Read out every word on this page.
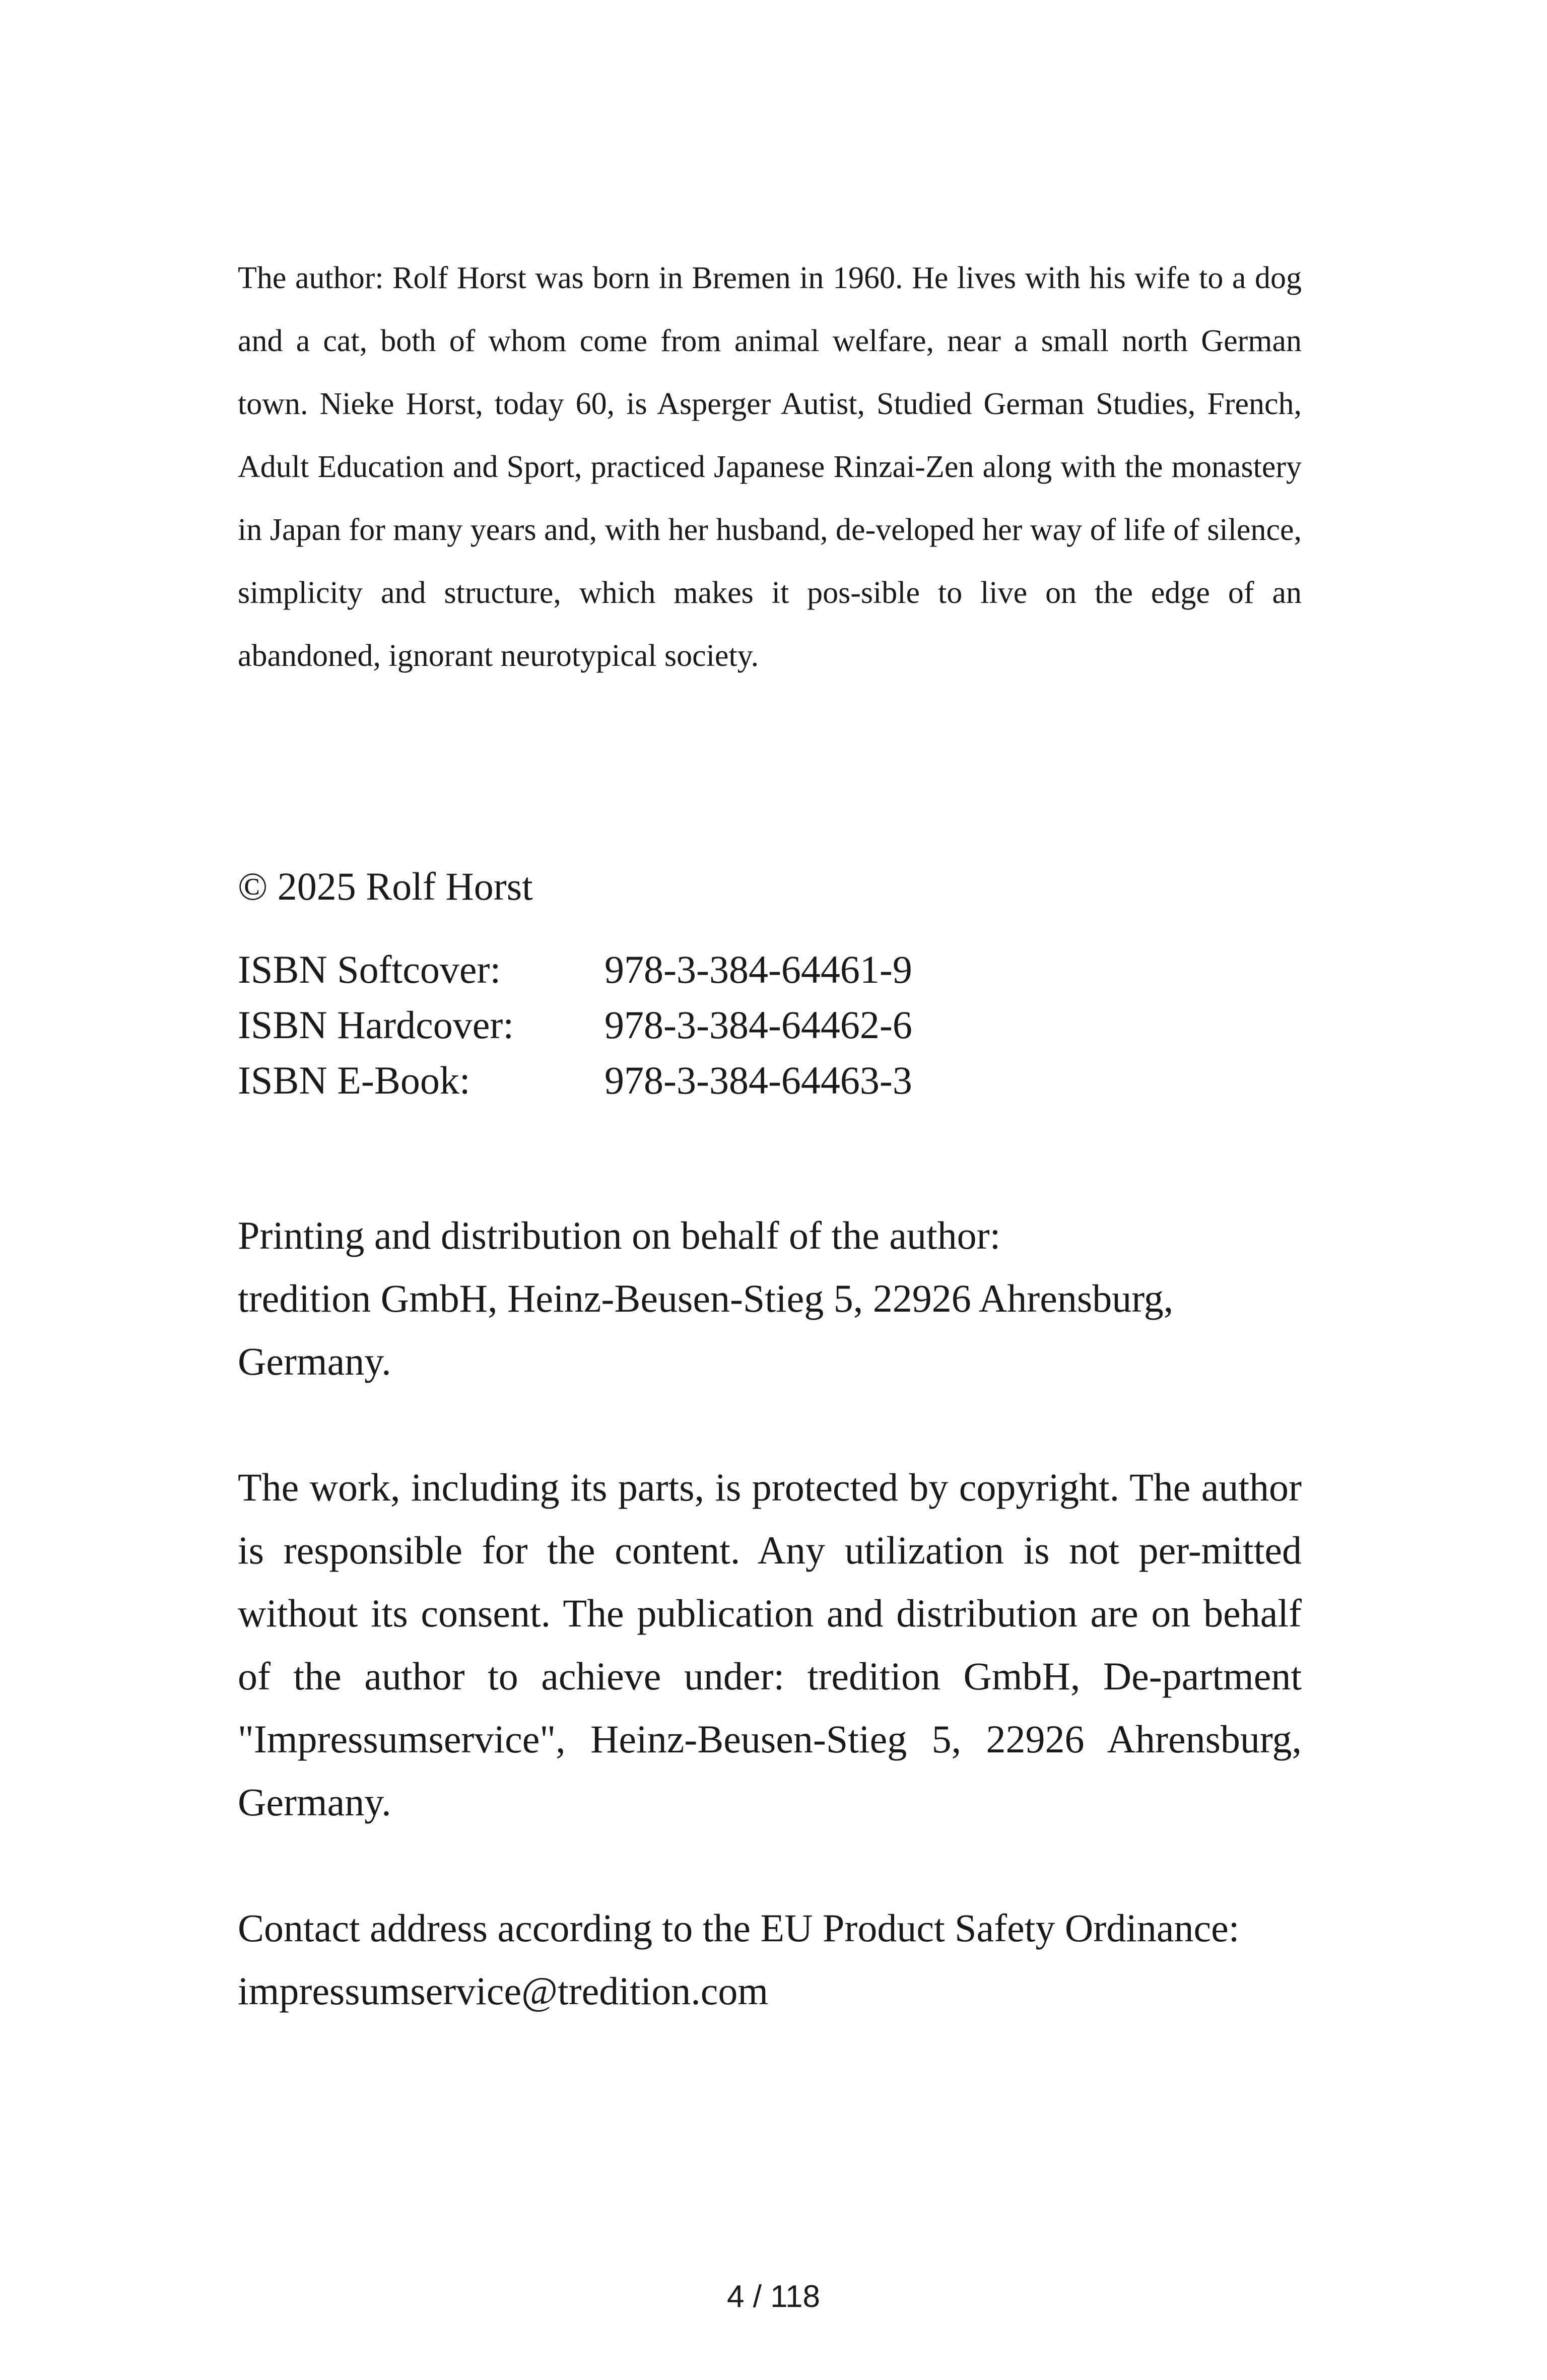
The author: Rolf Horst was born in Bremen in 1960. He lives with his wife to a dog and a cat, both of whom come from animal welfare, near a small north German town. Nieke Horst, today 60, is Asperger Autist, Studied German Studies, French, Adult Education and Sport, practiced Japanese Rinzai-Zen along with the monastery in Japan for many years and, with her husband, de-veloped her way of life of silence, simplicity and structure, which makes it pos-sible to live on the edge of an abandoned, ignorant neurotypical society.

© 2025 Rolf Horst

ISBN Softcover:	978-3-384-64461-9
ISBN Hardcover:	978-3-384-64462-6
ISBN E-Book:	978-3-384-64463-3
Printing and distribution on behalf of the author:
tredition GmbH, Heinz-Beusen-Stieg 5, 22926 Ahrensburg,
Germany.

The work, including its parts, is protected by copyright. The author is responsible for the content. Any utilization is not per-mitted without its consent. The publication and distribution are on behalf of the author to achieve under: tredition GmbH, De-partment "Impressumservice", Heinz-Beusen-Stieg 5, 22926 Ahrensburg, Germany.

Contact address according to the EU Product Safety Ordinance:
impressumservice@tredition.com
4 / 118
